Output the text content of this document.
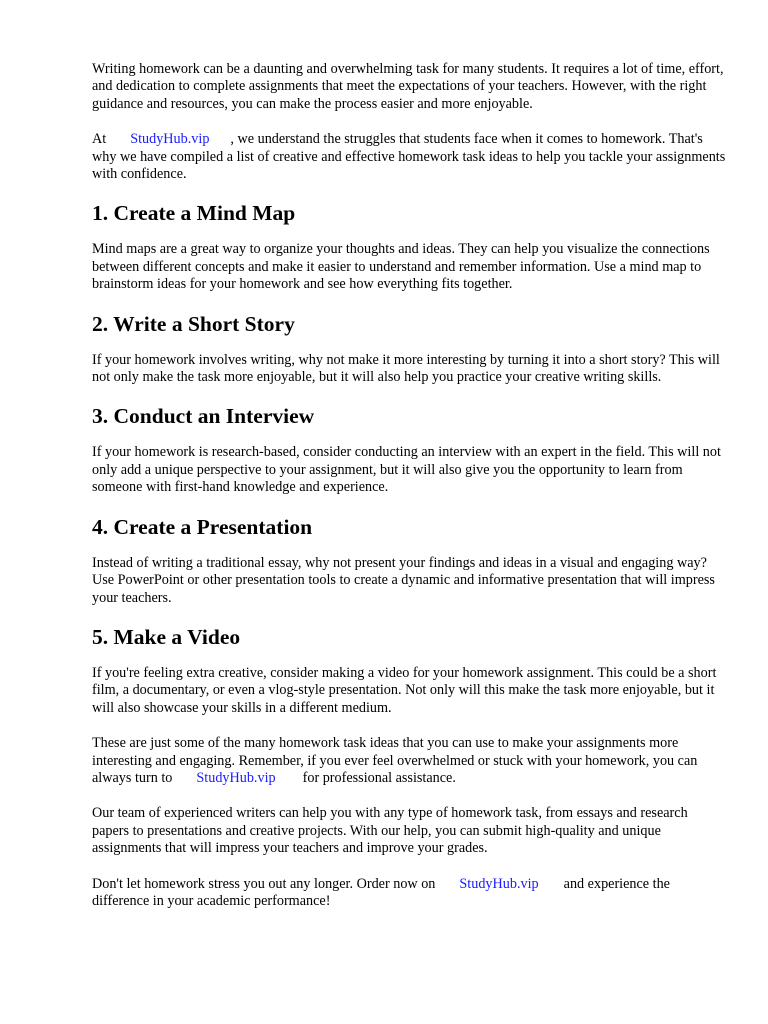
Writing homework can be a daunting and overwhelming task for many students. It requires a lot of time, effort, and dedication to complete assignments that meet the expectations of your teachers. However, with the right guidance and resources, you can make the process easier and more enjoyable.

At StudyHub.vip , we understand the struggles that students face when it comes to homework. That's why we have compiled a list of creative and effective homework task ideas to help you tackle your assignments with confidence.

1. Create a Mind Map

Mind maps are a great way to organize your thoughts and ideas. They can help you visualize the connections between different concepts and make it easier to understand and remember information. Use a mind map to brainstorm ideas for your homework and see how everything fits together.

2. Write a Short Story

If your homework involves writing, why not make it more interesting by turning it into a short story? This will not only make the task more enjoyable, but it will also help you practice your creative writing skills.

3. Conduct an Interview

If your homework is research-based, consider conducting an interview with an expert in the field. This will not only add a unique perspective to your assignment, but it will also give you the opportunity to learn from someone with first-hand knowledge and experience.

4. Create a Presentation

Instead of writing a traditional essay, why not present your findings and ideas in a visual and engaging way? Use PowerPoint or other presentation tools to create a dynamic and informative presentation that will impress your teachers.

5. Make a Video

If you're feeling extra creative, consider making a video for your homework assignment. This could be a short film, a documentary, or even a vlog-style presentation. Not only will this make the task more enjoyable, but it will also showcase your skills in a different medium.

These are just some of the many homework task ideas that you can use to make your assignments more interesting and engaging. Remember, if you ever feel overwhelmed or stuck with your homework, you can always turn to StudyHub.vip for professional assistance.

Our team of experienced writers can help you with any type of homework task, from essays and research papers to presentations and creative projects. With our help, you can submit high-quality and unique assignments that will impress your teachers and improve your grades.

Don't let homework stress you out any longer. Order now on StudyHub.vip and experience the difference in your academic performance!
